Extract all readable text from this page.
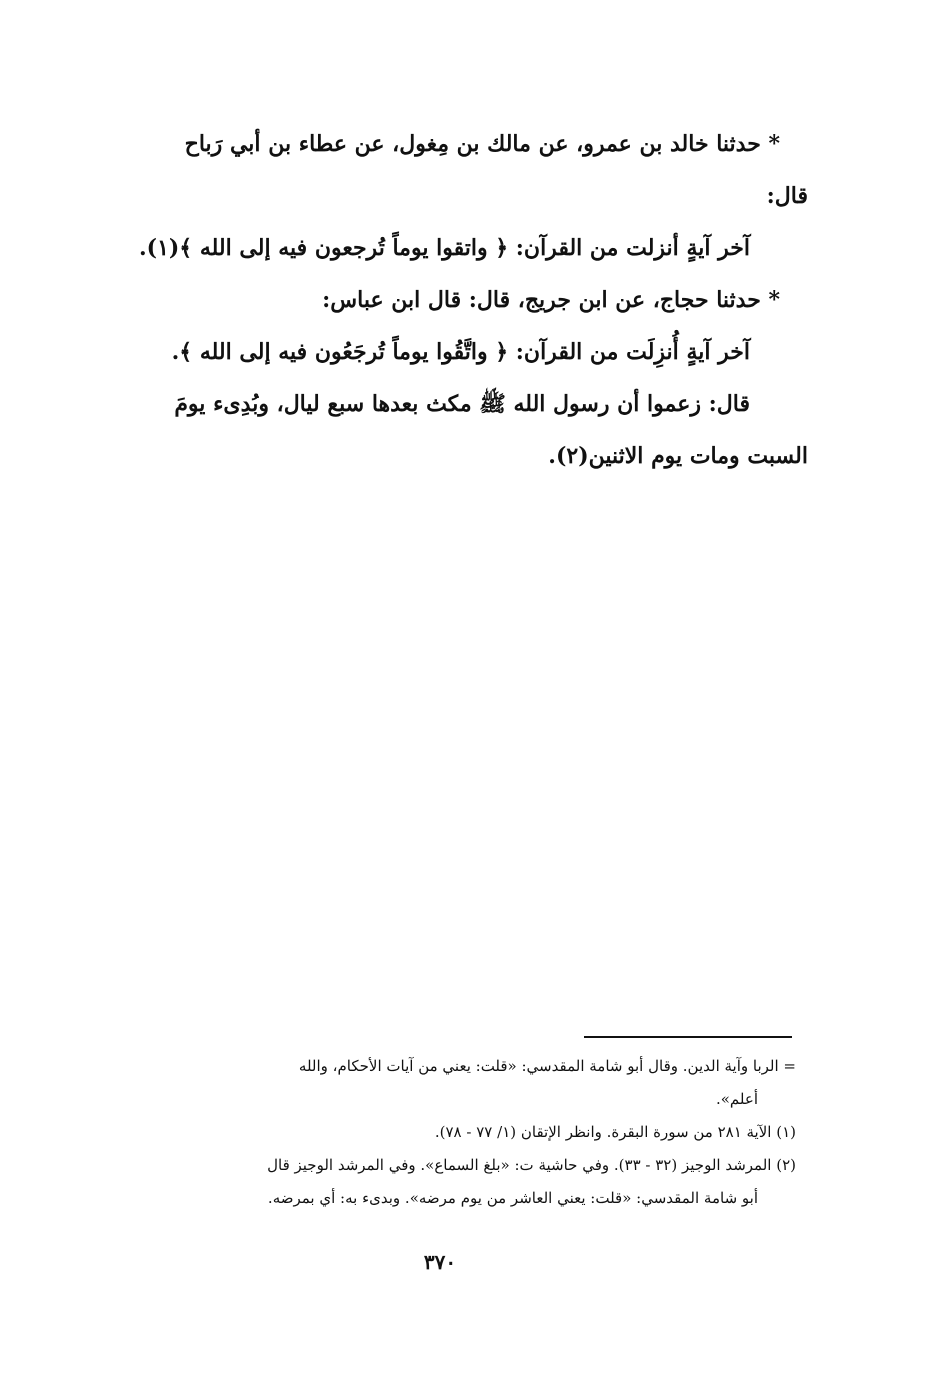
* حدثنا خالد بن عمرو، عن مالك بن مِغول، عن عطاء بن أبي رَباح
قال:
آخر آيةٍ أنزلت من القرآن: ﴿ واتقوا يوماً تُرجعون فيه إلى الله ﴾(١).
* حدثنا حجاج، عن ابن جريج، قال: قال ابن عباس:
آخر آيةٍ أُنزِلَت من القرآن: ﴿ واتَّقُوا يوماً تُرجَعُون فيه إلى الله ﴾.
قال: زعموا أن رسول الله ﷺ مكث بعدها سبع ليال، وبُدِىء يومَ
السبت ومات يوم الاثنين(٢).
= الربا وآية الدين. وقال أبو شامة المقدسي: «قلت: يعني من آيات الأحكام، والله
أعلم».
(١) الآية ٢٨١ من سورة البقرة. وانظر الإتقان (١/ ٧٧ - ٧٨).
(٢) المرشد الوجيز (٣٢ - ٣٣). وفي حاشية ت: «بلغ السماع». وفي المرشد الوجيز قال
أبو شامة المقدسي: «قلت: يعني العاشر من يوم مرضه». وبدىء به: أي بمرضه.
٣٧٠
